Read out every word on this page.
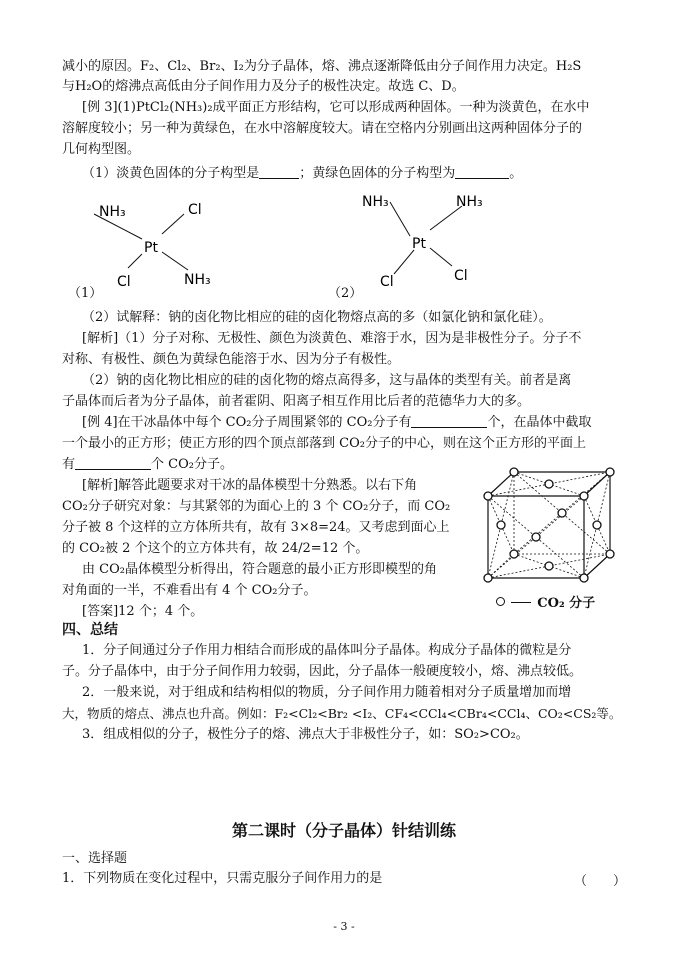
减小的原因。F₂、Cl₂、Br₂、I₂为分子晶体，熔、沸点逐渐降低由分子间作用力决定。H₂S
与H₂O的熔沸点高低由分子间作用力及分子的极性决定。故选 C、D。
[例 3](1)PtCl₂(NH₃)₂成平面正方形结构，它可以形成两种固体。一种为淡黄色，在水中
溶解度较小；另一种为黄绿色，在水中溶解度较大。请在空格内分别画出这两种固体分子的
几何构型图。
（1）淡黄色固体的分子构型是	；黄绿色固体的分子构型为	。
NH₃	Cl
Pt
Cl	NH₃
（1）
NH₃	NH₃
Pt
Cl	Cl
（2）
（2）试解释：钠的卤化物比相应的硅的卤化物熔点高的多（如氯化钠和氯化硅）。
[解析]（1）分子对称、无极性、颜色为淡黄色、难溶于水，因为是非极性分子。分子不
对称、有极性、颜色为黄绿色能溶于水、因为分子有极性。
（2）钠的卤化物比相应的硅的卤化物的熔点高得多，这与晶体的类型有关。前者是离
子晶体而后者为分子晶体，前者霍阴、阳离子相互作用比后者的范德华力大的多。
[例 4]在干冰晶体中每个 CO₂分子周围紧邻的 CO₂分子有	个，在晶体中截取
一个最小的正方形；使正方形的四个顶点部落到 CO₂分子的中心，则在这个正方形的平面上
有	个 CO₂分子。
[解析]解答此题要求对干冰的晶体模型十分熟悉。以右下角
CO₂分子研究对象：与其紧邻的为面心上的 3 个 CO₂分子，而 CO₂
分子被 8 个这样的立方体所共有，故有 3×8=24。又考虑到面心上
的 CO₂被 2 个这个的立方体共有，故 24/2=12 个。
由 CO₂晶体模型分析得出，符合题意的最小正方形即模型的角
对角面的一半，不难看出有 4 个 CO₂分子。
[答案]12 个；4 个。
CO₂ 分子
四、总结
1．分子间通过分子作用力相结合而形成的晶体叫分子晶体。构成分子晶体的微粒是分
子。分子晶体中，由于分子间作用力较弱，因此，分子晶体一般硬度较小，熔、沸点较低。
2．一般来说，对于组成和结构相似的物质，分子间作用力随着相对分子质量增加而增
大，物质的熔点、沸点也升高。例如：F₂<Cl₂<Br₂ <I₂、CF₄<CCl₄<CBr₄<CCl₄、CO₂<CS₂等。
3．组成相似的分子，极性分子的熔、沸点大于非极性分子，如：SO₂>CO₂。
第二课时（分子晶体）针结训练
一、选择题
1．下列物质在变化过程中，只需克服分子间作用力的是	（　　）
- 3 -
